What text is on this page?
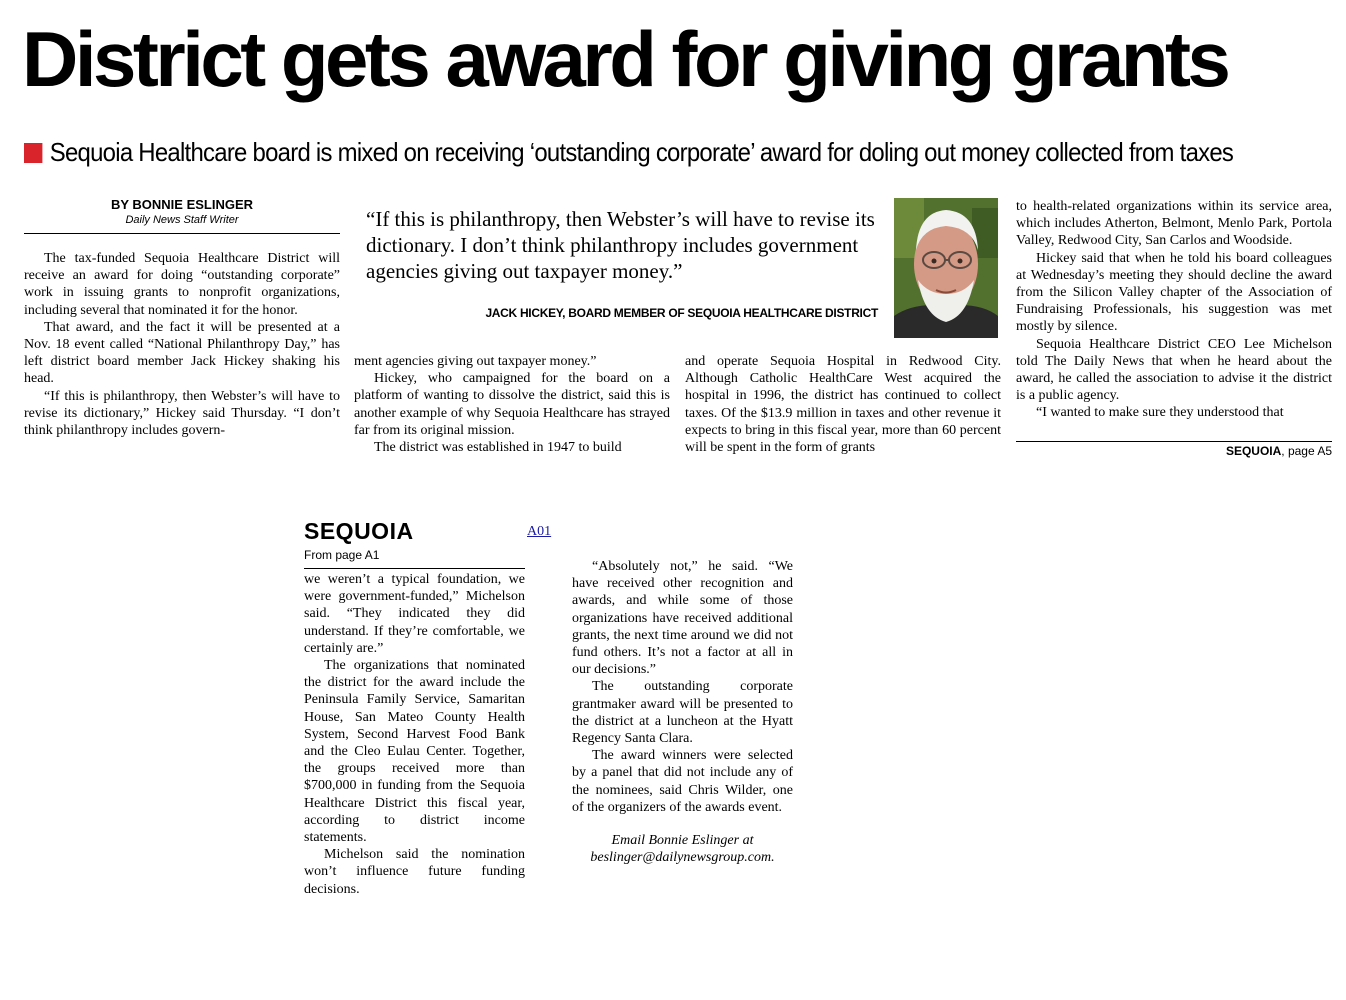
District gets award for giving grants
Sequoia Healthcare board is mixed on receiving ‘outstanding corporate’ award for doling out money collected from taxes
BY BONNIE ESLINGER
Daily News Staff Writer

The tax-funded Sequoia Healthcare District will receive an award for doing “outstanding corporate” work in issuing grants to nonprofit organizations, including several that nominated it for the honor.

That award, and the fact it will be presented at a Nov. 18 event called “National Philanthropy Day,” has left district board member Jack Hickey shaking his head.

“If this is philanthropy, then Webster’s will have to revise its dictionary,” Hickey said Thursday. “I don’t think philanthropy includes govern-

“If this is philanthropy, then Webster’s will have to revise its dictionary. I don’t think philanthropy includes government agencies giving out taxpayer money.”
JACK HICKEY, BOARD MEMBER OF SEQUOIA HEALTHCARE DISTRICT

ment agencies giving out taxpayer money.”

Hickey, who campaigned for the board on a platform of wanting to dissolve the district, said this is another example of why Sequoia Healthcare has strayed far from its original mission.

The district was established in 1947 to build

and operate Sequoia Hospital in Redwood City. Although Catholic HealthCare West acquired the hospital in 1996, the district has continued to collect taxes. Of the $13.9 million in taxes and other revenue it expects to bring in this fiscal year, more than 60 percent will be spent in the form of grants

to health-related organizations within its service area, which includes Atherton, Belmont, Menlo Park, Portola Valley, Redwood City, San Carlos and Woodside.

Hickey said that when he told his board colleagues at Wednesday’s meeting they should decline the award from the Silicon Valley chapter of the Association of Fundraising Professionals, his suggestion was met mostly by silence.

Sequoia Healthcare District CEO Lee Michelson told The Daily News that when he heard about the award, he called the association to advise it the district is a public agency.

“I wanted to make sure they understood that

SEQUOIA, page A5
SEQUOIA
From page A1
A01

we weren’t a typical foundation, we were government-funded,” Michelson said. “They indicated they did understand. If they’re comfortable, we certainly are.”

The organizations that nominated the district for the award include the Peninsula Family Service, Samaritan House, San Mateo County Health System, Second Harvest Food Bank and the Cleo Eulau Center. Together, the groups received more than $700,000 in funding from the Sequoia Healthcare District this fiscal year, according to district income statements.

Michelson said the nomination won’t influence future funding decisions.

“Absolutely not,” he said. “We have received other recognition and awards, and while some of those organizations have received additional grants, the next time around we did not fund others. It’s not a factor at all in our decisions.”

The outstanding corporate grantmaker award will be presented to the district at a luncheon at the Hyatt Regency Santa Clara.

The award winners were selected by a panel that did not include any of the nominees, said Chris Wilder, one of the organizers of the awards event.

Email Bonnie Eslinger at

beslinger@dailynewsgroup.com.
